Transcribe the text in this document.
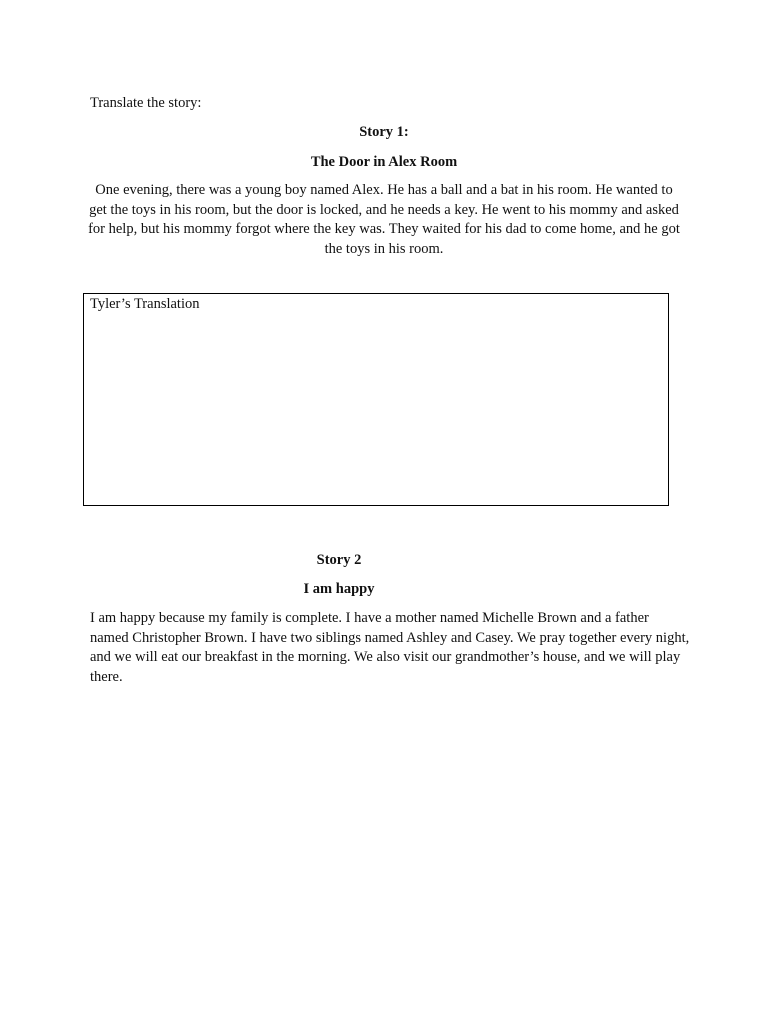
Translate the story:
Story 1:
The Door in Alex Room
One evening, there was a young boy named Alex. He has a ball and a bat in his room. He wanted to get the toys in his room, but the door is locked, and he needs a key. He went to his mommy and asked for help, but his mommy forgot where the key was. They waited for his dad to come home, and he got the toys in his room.
Tyler’s Translation
Story 2
I am happy
I am happy because my family is complete. I have a mother named Michelle Brown and a father named Christopher Brown. I have two siblings named Ashley and Casey. We pray together every night, and we will eat our breakfast in the morning. We also visit our grandmother’s house, and we will play there.
